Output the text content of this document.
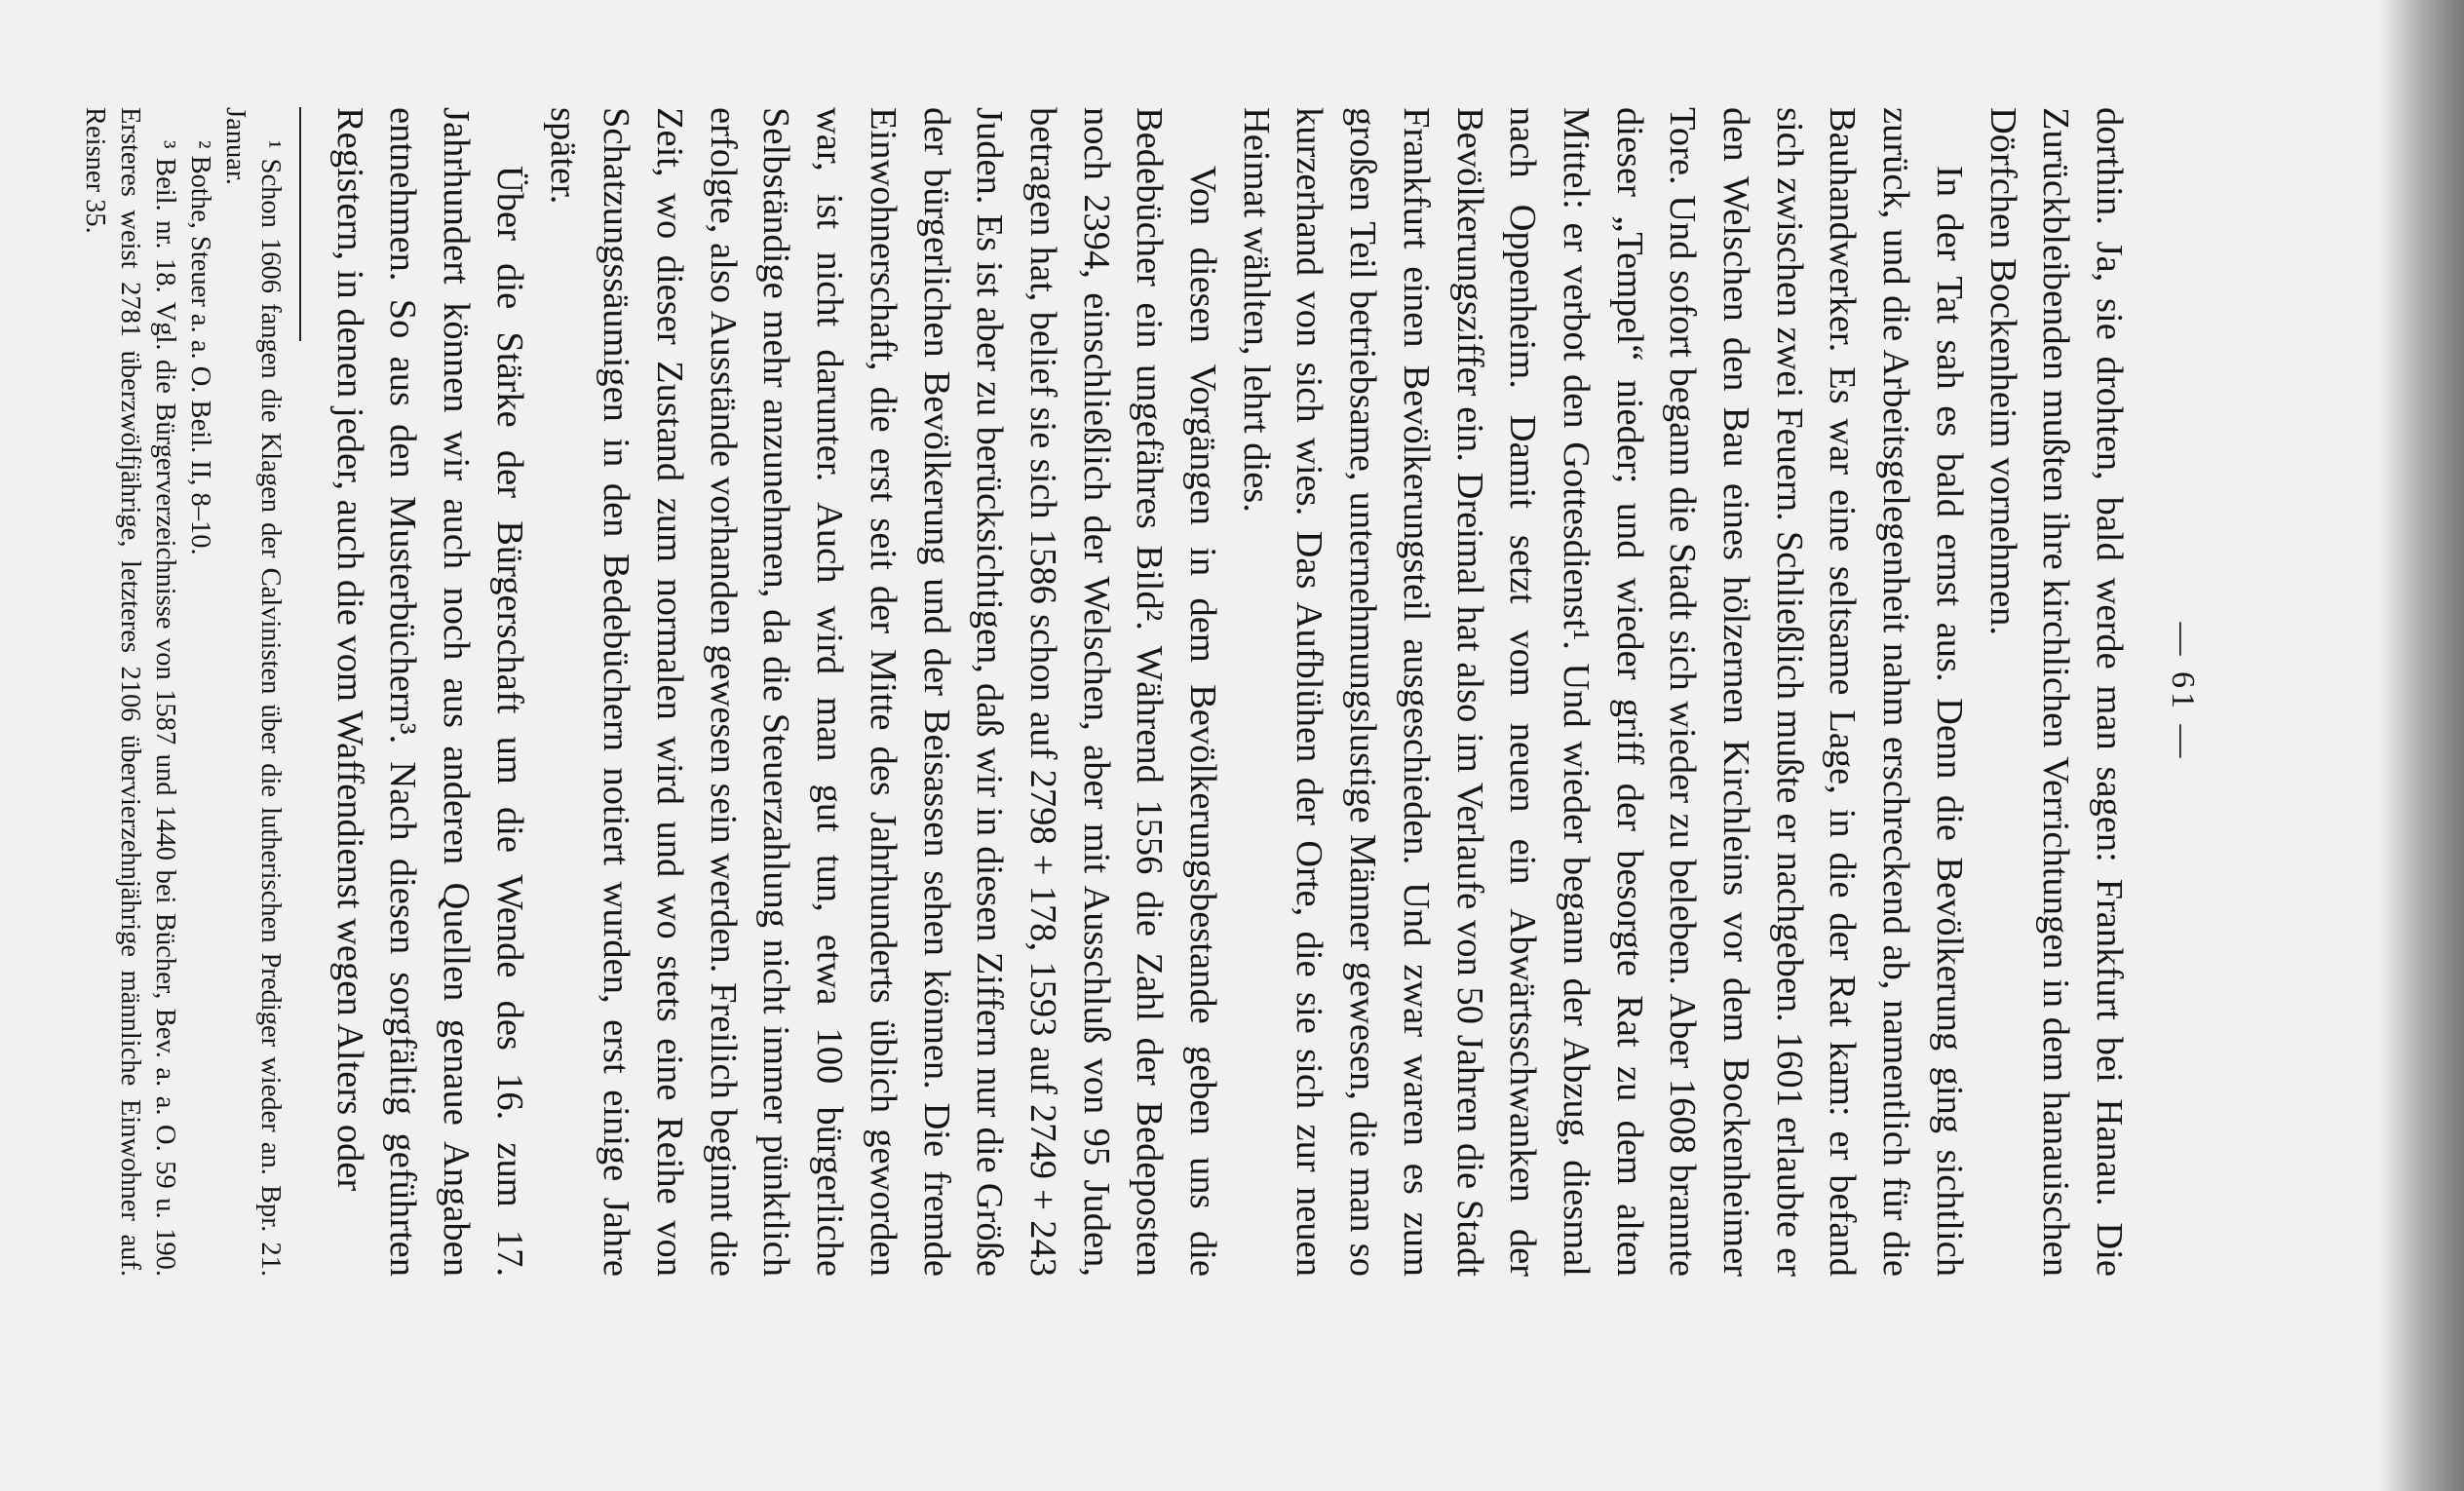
— 61 —

dorthin. Ja, sie drohten, bald werde man sagen: Frankfurt bei Hanau. Die Zurückbleibenden mußten ihre kirchlichen Verrichtungen in dem hanauischen Dörfchen Bockenheim vornehmen.

In der Tat sah es bald ernst aus. Denn die Bevölkerung ging sichtlich zurück, und die Arbeitsgelegenheit nahm erschreckend ab, namentlich für die Bauhandwerker. Es war eine seltsame Lage, in die der Rat kam: er befand sich zwischen zwei Feuern. Schließlich mußte er nachgeben. 1601 erlaubte er den Welschen den Bau eines hölzernen Kirchleins vor dem Bockenheimer Tore. Und sofort begann die Stadt sich wieder zu beleben. Aber 1608 brannte dieser „Tempel“ nieder; und wieder griff der besorgte Rat zu dem alten Mittel: er verbot den Gottesdienst¹. Und wieder begann der Abzug, diesmal nach Oppenheim. Damit setzt vom neuen ein Abwärtsschwanken der Bevölkerungsziffer ein. Dreimal hat also im Verlaufe von 50 Jahren die Stadt Frankfurt einen Bevölkerungsteil ausgeschieden. Und zwar waren es zum großen Teil betriebsame, unternehmungslustige Männer gewesen, die man so kurzerhand von sich wies. Das Aufblühen der Orte, die sie sich zur neuen Heimat wählten, lehrt dies.

Von diesen Vorgängen in dem Bevölkerungsbestande geben uns die Bedebücher ein ungefähres Bild². Während 1556 die Zahl der Bedeposten noch 2394, einschließlich der Welschen, aber mit Ausschluß von 95 Juden, betragen hat, belief sie sich 1586 schon auf 2798 + 178, 1593 auf 2749 + 243 Juden. Es ist aber zu berücksichtigen, daß wir in diesen Ziffern nur die Größe der bürgerlichen Bevölkerung und der Beisassen sehen können. Die fremde Einwohnerschaft, die erst seit der Mitte des Jahrhunderts üblich geworden war, ist nicht darunter. Auch wird man gut tun, etwa 100 bürgerliche Selbständige mehr anzunehmen, da die Steuerzahlung nicht immer pünktlich erfolgte, also Ausstände vorhanden gewesen sein werden. Freilich beginnt die Zeit, wo dieser Zustand zum normalen wird und wo stets eine Reihe von Schatzungssäumigen in den Bedebüchern notiert wurden, erst einige Jahre später.

Über die Stärke der Bürgerschaft um die Wende des 16. zum 17. Jahrhundert können wir auch noch aus anderen Quellen genaue Angaben entnehmen. So aus den Musterbüchern³. Nach diesen sorgfältig geführten Registern, in denen jeder, auch die vom Waffendienst wegen Alters oder

¹ Schon 1606 fangen die Klagen der Calvinisten über die lutherischen Prediger wieder an. Bpr. 21. Januar.

² Bothe, Steuer a. a. O. Beil. II, 8–10.

³ Beil. nr. 18. Vgl. die Bürgerverzeichnisse von 1587 und 1440 bei Bücher, Bev. a. a. O. 59 u. 190. Ersteres weist 2781 überzwölfjährige, letzteres 2106 übervierzehnjährige männliche Einwohner auf. Reisner 35.
